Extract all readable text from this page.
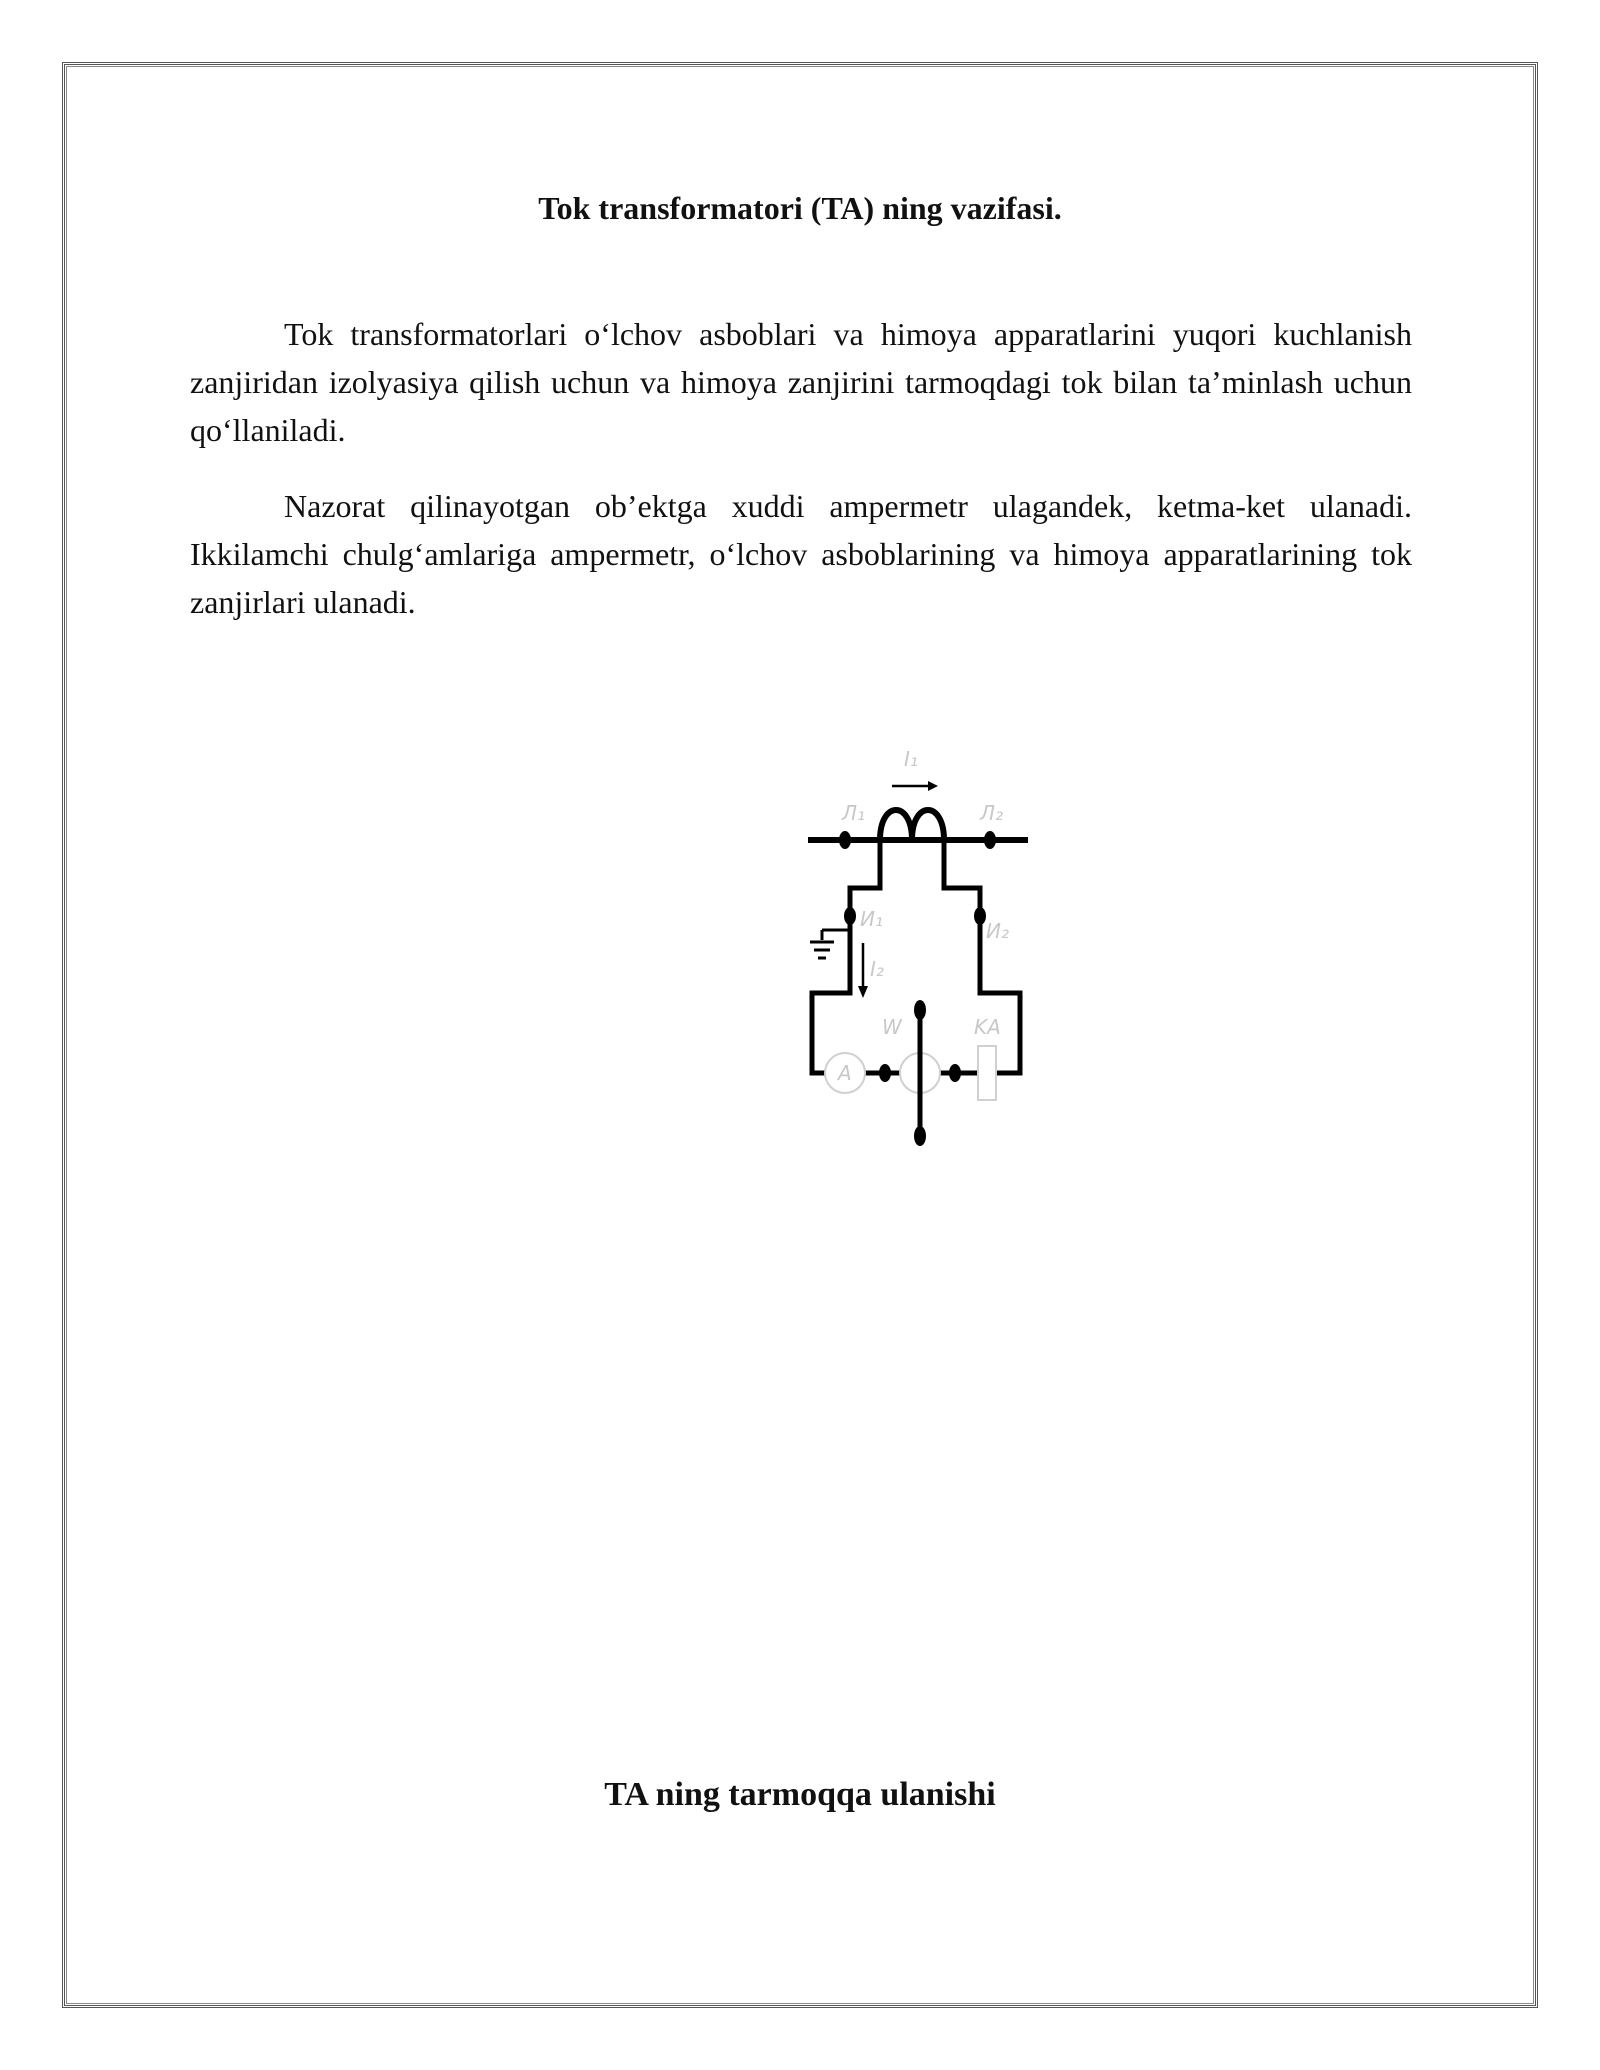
Tok transformatori (TA) ning vazifasi.

Tok transformatorlari o‘lchov asboblari va himoya apparatlarini yuqori kuchlanish zanjiridan izolyasiya qilish uchun va himoya zanjirini tarmoqdagi tok bilan ta’minlash uchun qo‘llaniladi.

Nazorat qilinayotgan ob’ektga xuddi ampermetr ulagandek, ketma-ket ulanadi. Ikkilamchi chulg‘amlariga ampermetr, o‘lchov asboblarining va himoya apparatlarining tok zanjirlari ulanadi.

I₁
Л₁	Л₂
И₁	И₂
I₂
W	KA
A
TA ning tarmoqqa ulanishi
